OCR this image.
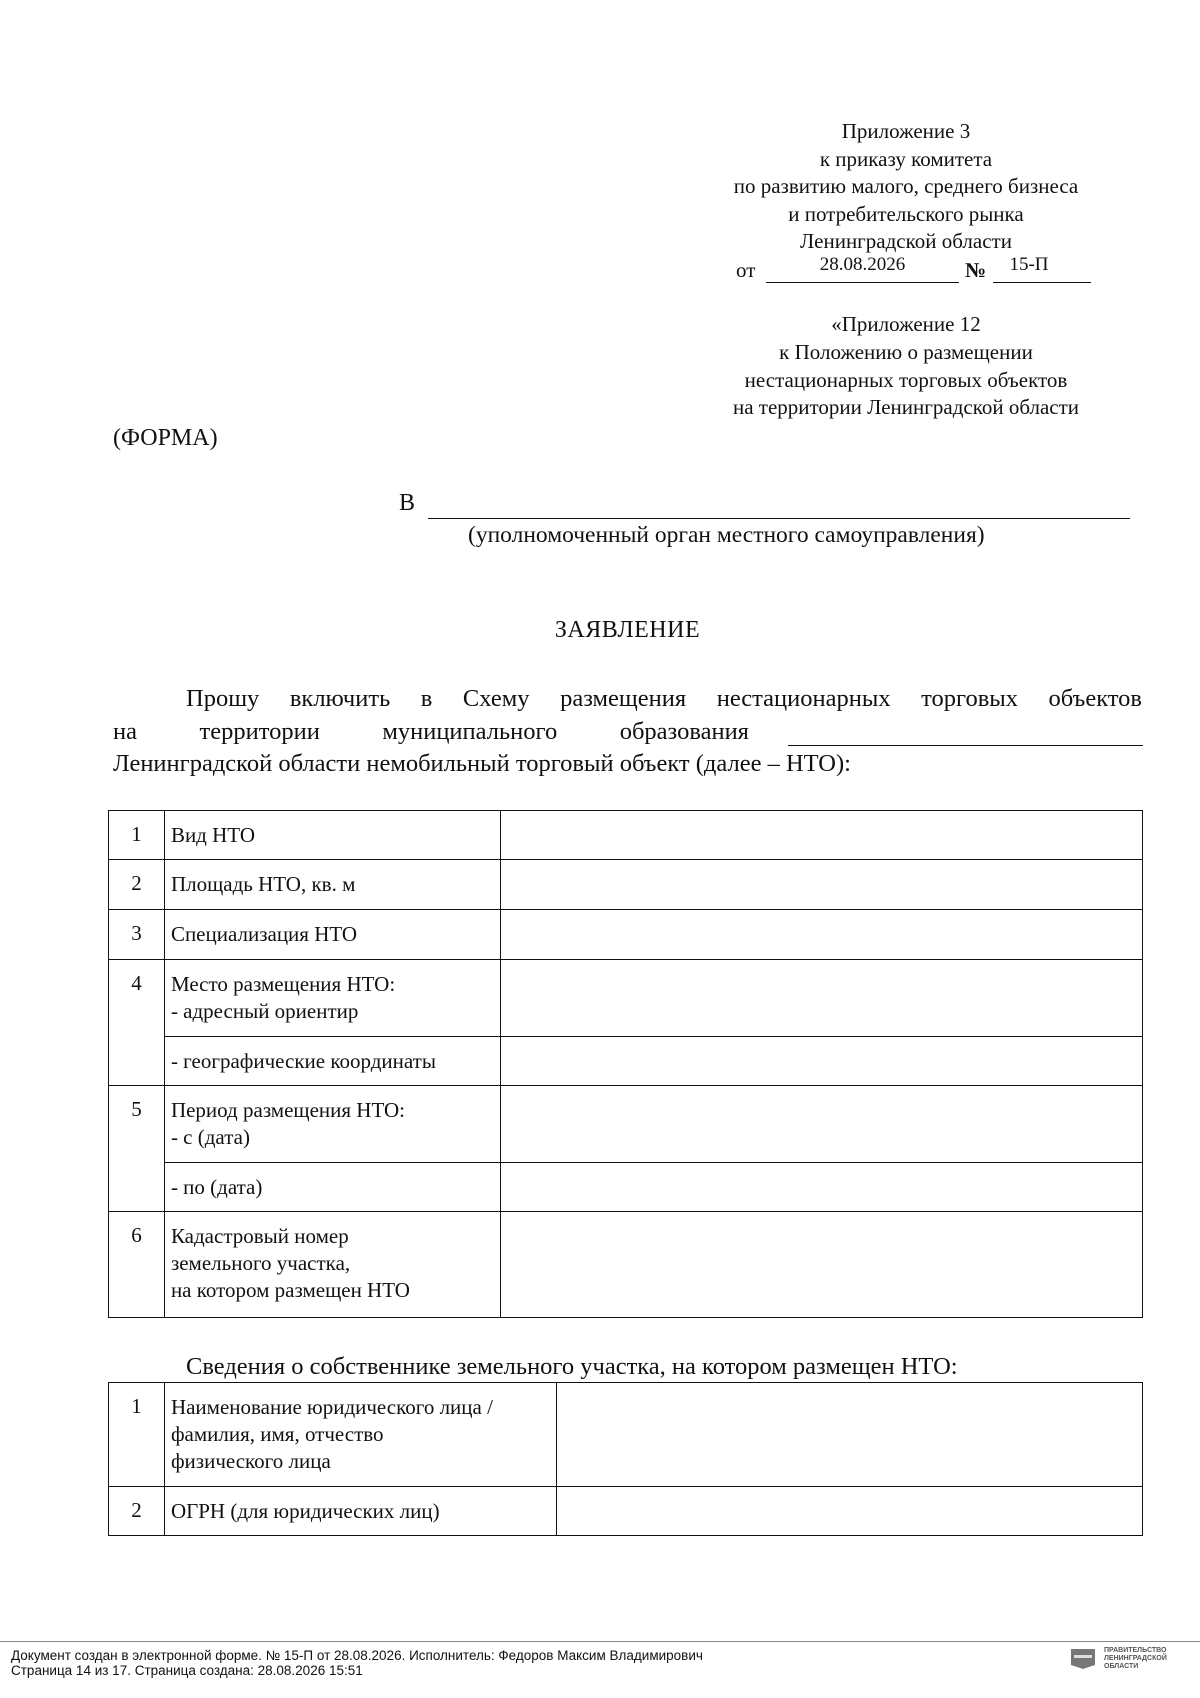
Приложение 3
к приказу комитета
по развитию малого, среднего бизнеса
и потребительского рынка
Ленинградской области
от	28.08.2026	№	15-П
«Приложение 12
к Положению о размещении
нестационарных торговых объектов
на территории Ленинградской области
(ФОРМА)
В
(уполномоченный орган местного самоуправления)
ЗАЯВЛЕНИЕ
Прошу включить в Схему размещения нестационарных торговых объектов
на	территории	муниципального	образования
Ленинградской области немобильный торговый объект (далее – НТО):
1	Вид НТО	
2	Площадь НТО, кв. м	
3	Специализация НТО	
4	Место размещения НТО:
- адресный ориентир	

	- географические координаты	
5	Период размещения НТО:
- с (дата)	

	- по (дата)	
6	Кадастровый номер
земельного участка,
на котором размещен НТО	

Сведения о собственнике земельного участка, на котором размещен НТО:
1	Наименование юридического лица /
фамилия, имя, отчество
физического лица	

2	ОГРН (для юридических лиц)	
Документ создан в электронной форме. № 15-П от 28.08.2026. Исполнитель: Федоров Максим Владимирович
Страница 14 из 17. Страница создана: 28.08.2026 15:51
ПРАВИТЕЛЬСТВО
ЛЕНИНГРАДСКОЙ
ОБЛАСТИ
